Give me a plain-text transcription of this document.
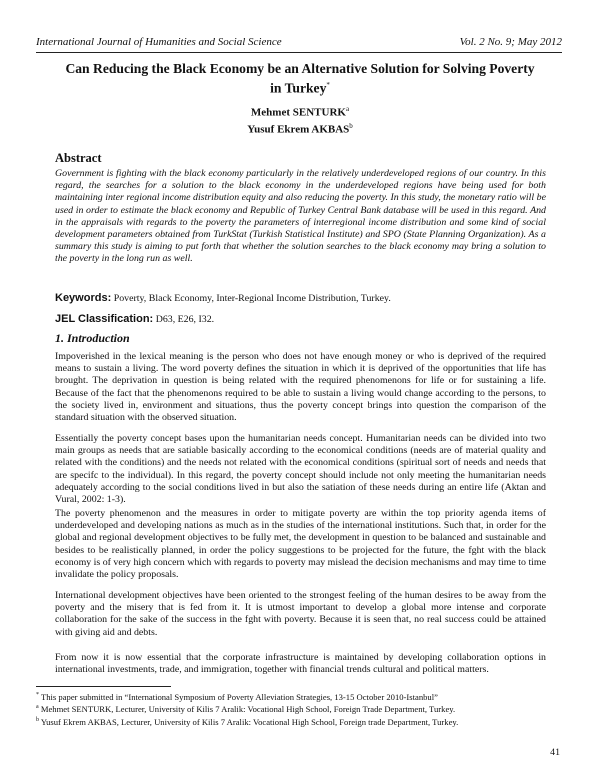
International Journal of Humanities and Social Science	Vol. 2 No. 9; May 2012
Can Reducing the Black Economy be an Alternative Solution for Solving Poverty in Turkey*
Mehmet SENTURK$^a$
Yusuf Ekrem AKBAS$^b$
Abstract
Government is fighting with the black economy particularly in the relatively underdeveloped regions of our country. In this regard, the searches for a solution to the black economy in the underdeveloped regions have being used for both maintaining inter regional income distribution equity and also reducing the poverty. In this study, the monetary ratio will be used in order to estimate the black economy and Republic of Turkey Central Bank database will be used in this regard. And in the appraisals with regards to the poverty the parameters of interregional income distribution and some kind of social development parameters obtained from TurkStat (Turkish Statistical Institute) and SPO (State Planning Organization). As a summary this study is aiming to put forth that whether the solution searches to the black economy may bring a solution to the poverty in the long run as well.
Keywords: Poverty, Black Economy, Inter-Regional Income Distribution, Turkey.
JEL Classification: D63, E26, I32.
1. Introduction
Impoverished in the lexical meaning is the person who does not have enough money or who is deprived of the required means to sustain a living. The word poverty defines the situation in which it is deprived of the opportunities that life has brought. The deprivation in question is being related with the required phenomenons for life or for sustaining a life. Because of the fact that the phenomenons required to be able to sustain a living would change according to the persons, to the society lived in, environment and situations, thus the poverty concept brings into question the comparison of the standard situation with the observed situation.
Essentially the poverty concept bases upon the humanitarian needs concept. Humanitarian needs can be divided into two main groups as needs that are satiable basically according to the economical conditions (needs are of material quality and related with the conditions) and the needs not related with the economical conditions (spiritual sort of needs and needs that are specifc to the individual). In this regard, the poverty concept should include not only meeting the humanitarian needs adequately according to the social conditions lived in but also the satiation of these needs during an entire life (Aktan and Vural, 2002: 1-3).
The poverty phenomenon and the measures in order to mitigate poverty are within the top priority agenda items of underdeveloped and developing nations as much as in the studies of the international institutions. Such that, in order for the global and regional development objectives to be fully met, the development in question to be balanced and sustainable and besides to be realistically planned, in order the policy suggestions to be projected for the future, the fght with the black economy is of very high concern which with regards to poverty may mislead the decision mechanisms and may time to time invalidate the policy proposals.
International development objectives have been oriented to the strongest feeling of the human desires to be away from the poverty and the misery that is fed from it. It is utmost important to develop a global more intense and corporate collaboration for the sake of the success in the fght with poverty. Because it is seen that, no real success could be attained with giving aid and debts.
From now it is now essential that the corporate infrastructure is maintained by developing collaboration options in international investments, trade, and immigration, together with financial trends cultural and political matters.
* This paper submitted in “International Symposium of Poverty Alleviation Strategies, 13-15 October 2010-Istanbul”
$^a$ Mehmet SENTURK, Lecturer, University of Kilis 7 Aralik: Vocational High School, Foreign Trade Department, Turkey.
$^b$ Yusuf Ekrem AKBAS, Lecturer, University of Kilis 7 Aralik: Vocational High School, Foreign trade Department, Turkey.
41
